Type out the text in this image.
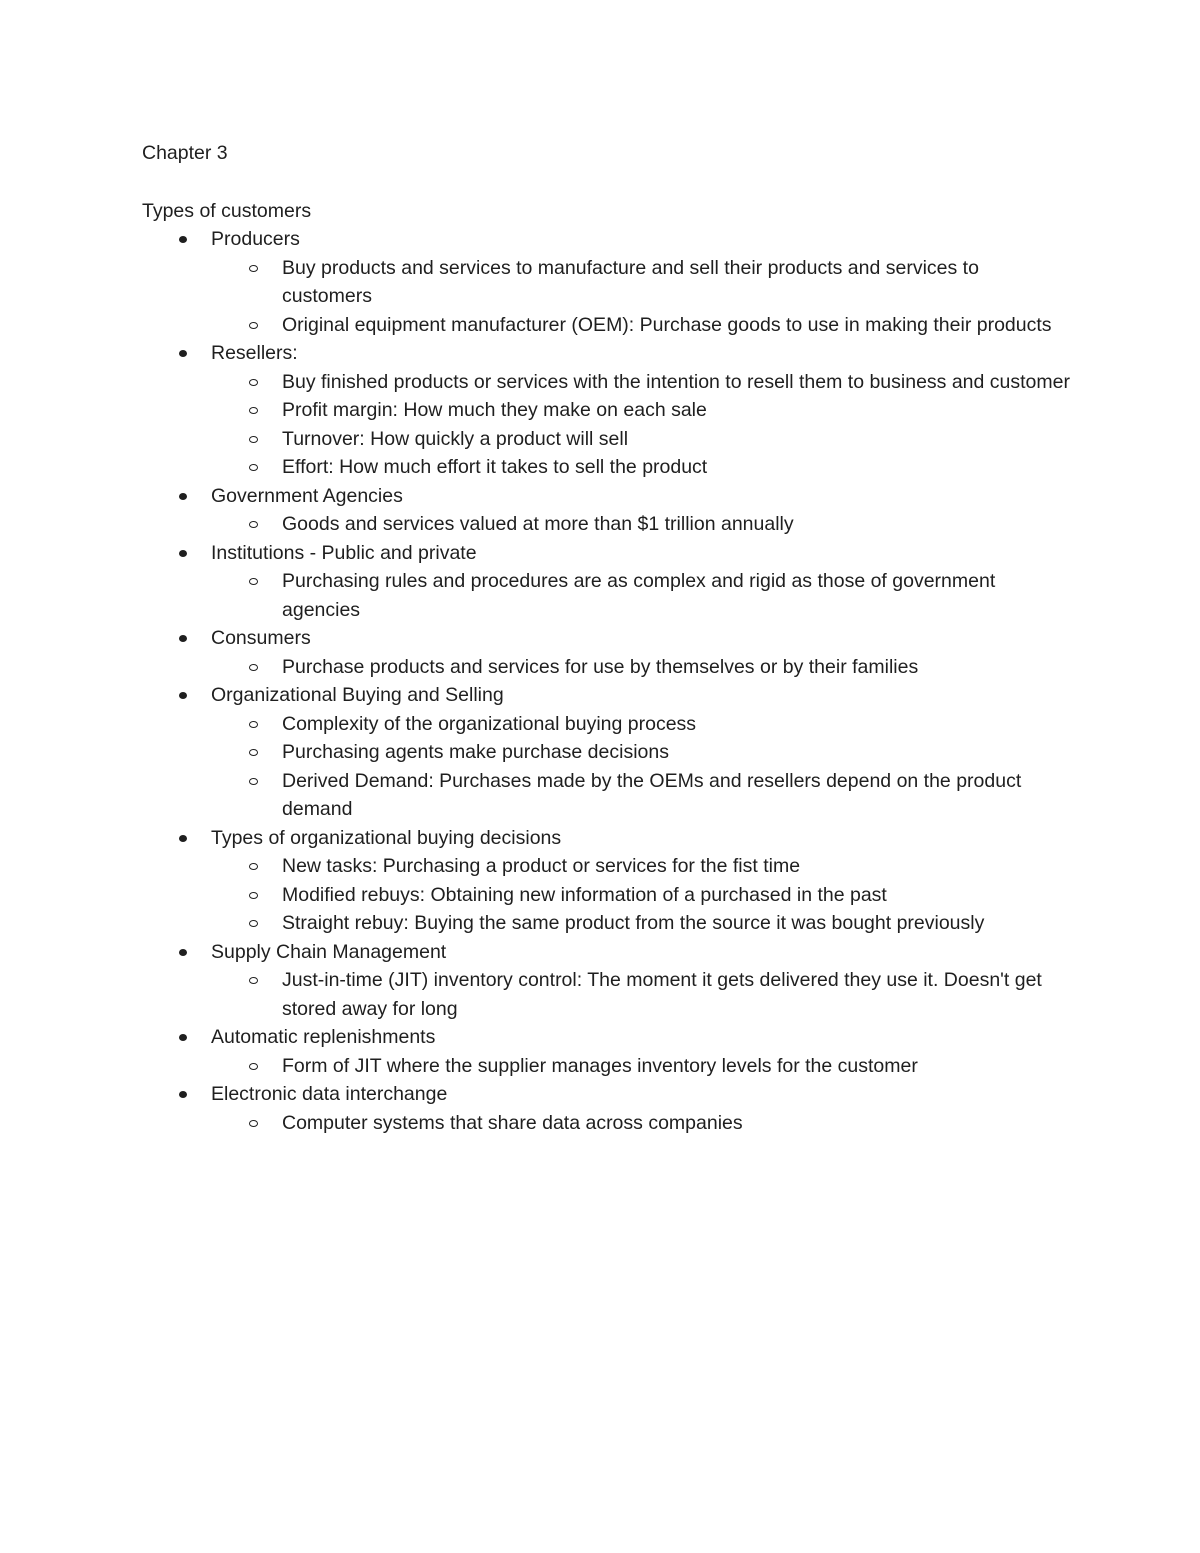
Chapter 3

Types of customers

Producers
Buy products and services to manufacture and sell their products and services to customers
Original equipment manufacturer (OEM): Purchase goods to use in making their products
Resellers:
Buy finished products or services with the intention to resell them to business and customer
Profit margin: How much they make on each sale
Turnover: How quickly a product will sell
Effort: How much effort it takes to sell the product
Government Agencies
Goods and services valued at more than $1 trillion annually
Institutions - Public and private
Purchasing rules and procedures are as complex and rigid as those of government agencies
Consumers
Purchase products and services for use by themselves or by their families
Organizational Buying and Selling
Complexity of the organizational buying process
Purchasing agents make purchase decisions
Derived Demand: Purchases made by the OEMs and resellers depend on the product demand
Types of organizational buying decisions
New tasks: Purchasing a product or services for the fist time
Modified rebuys: Obtaining new information of a purchased in the past
Straight rebuy: Buying the same product from the source it was bought previously
Supply Chain Management
Just-in-time (JIT) inventory control: The moment it gets delivered they use it. Doesn't get stored away for long
Automatic replenishments
Form of JIT where the supplier manages inventory levels for the customer
Electronic data interchange
Computer systems that share data across companies
